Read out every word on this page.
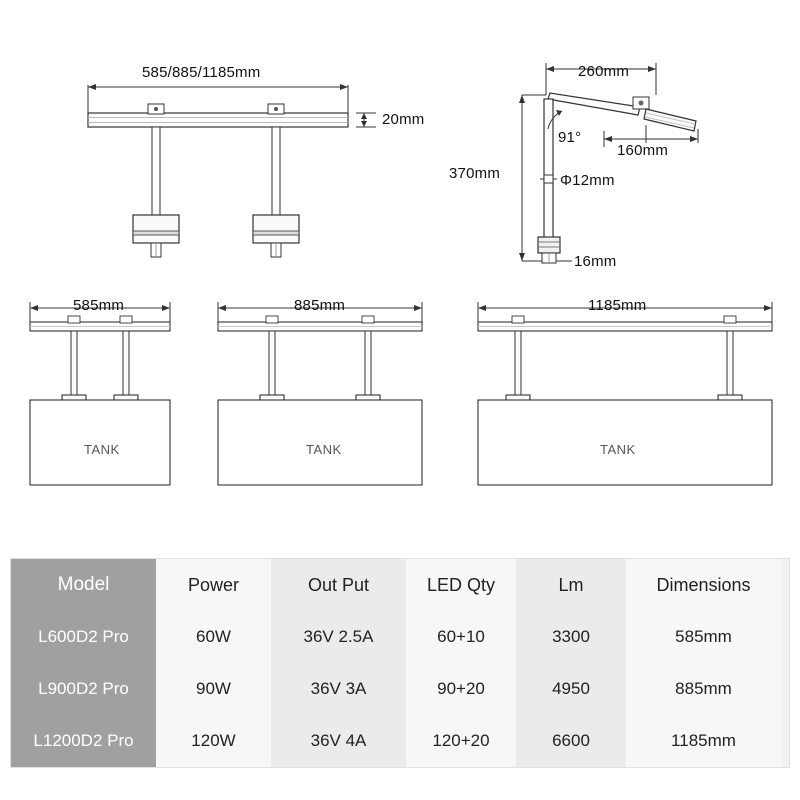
585/885/1185mm
20mm
260mm
370mm
91°
160mm
Φ12mm
16mm
585mm
TANK
885mm
TANK
1185mm
TANK
Model
L600D2 Pro
L900D2 Pro
L1200D2 Pro
Power
60W
90W
120W
Out Put
36V 2.5A
36V 3A
36V 4A
LED Qty
60+10
90+20
120+20
Lm
3300
4950
6600
Dimensions
585mm
885mm
1185mm
